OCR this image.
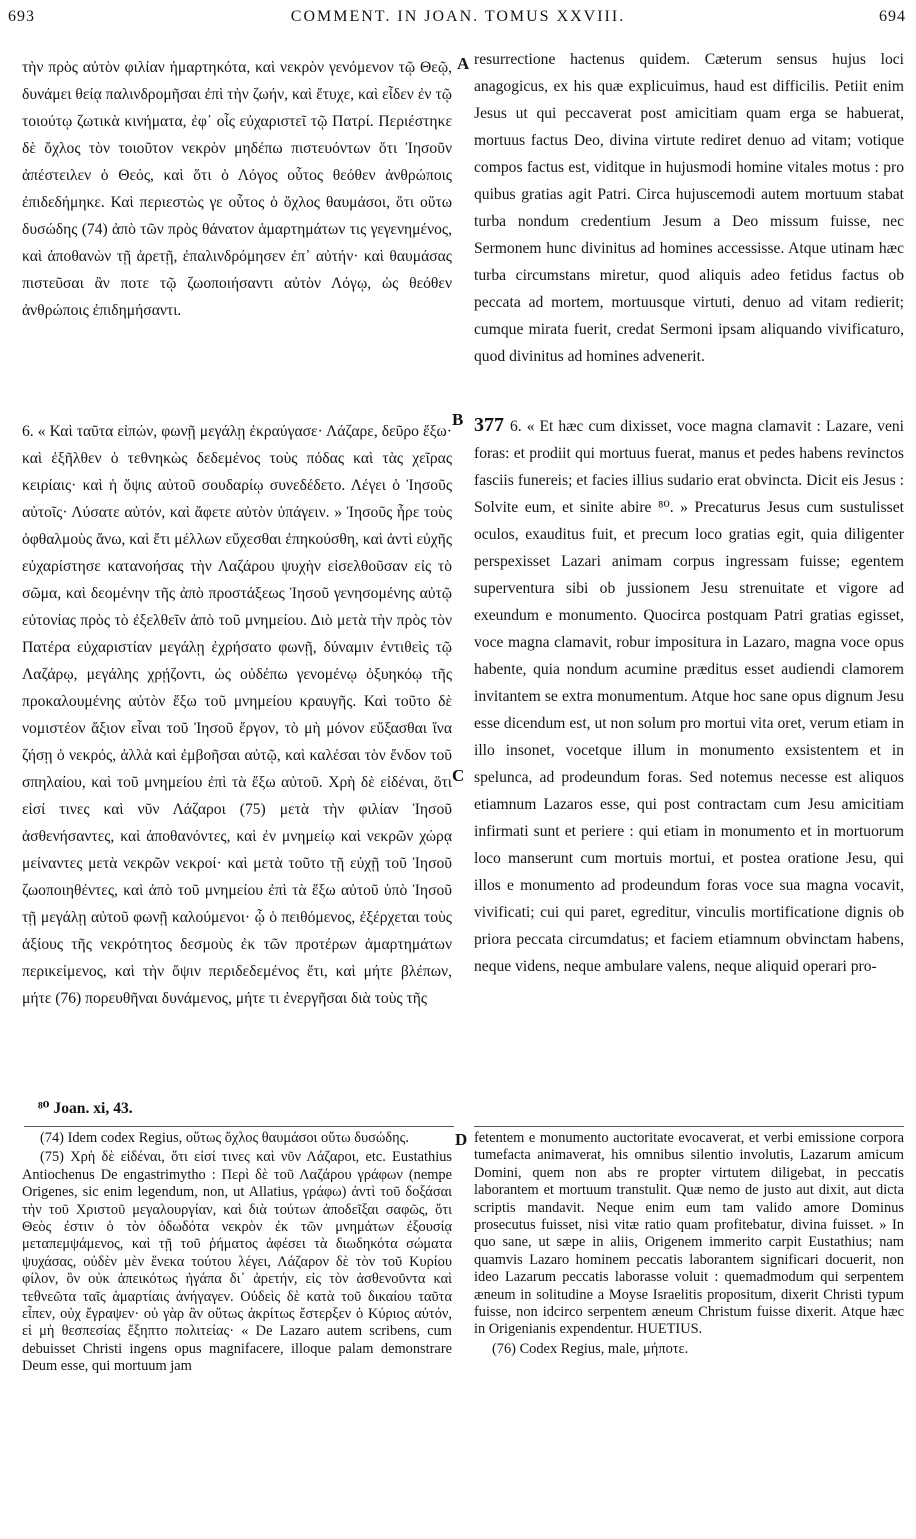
693	COMMENT. IN JOAN. TOMUS XXVIII.	694
A
B
C
D

τὴν πρὸς αὐτὸν φιλίαν ἡμαρτηκότα, καὶ νεκρὸν γενόμενον τῷ Θεῷ, δυνάμει θείᾳ παλινδρομῆσαι ἐπὶ τὴν ζωήν, καὶ ἔτυχε, καὶ εἶδεν ἐν τῷ τοιούτῳ ζωτικὰ κινήματα, ἐφ᾽ οἷς εὐχαριστεῖ τῷ Πατρί. Περιέστηκε δὲ ὄχλος τὸν τοιοῦτον νεκρὸν μηδέπω πιστευόντων ὅτι Ἰησοῦν ἀπέστειλεν ὁ Θεός, καὶ ὅτι ὁ Λόγος οὗτος θεόθεν ἀνθρώποις ἐπιδεδήμηκε. Καὶ περιεστὼς γε οὗτος ὁ ὄχλος θαυμάσοι, ὅτι οὕτω δυσώδης (74) ἀπὸ τῶν πρὸς θάνατον ἁμαρτημάτων τις γεγενημένος, καὶ ἀποθανὼν τῇ ἀρετῇ, ἐπαλινδρόμησεν ἐπ᾽ αὐτήν· καὶ θαυμάσας πιστεῦσαι ἂν ποτε τῷ ζωοποιήσαντι αὐτὸν Λόγῳ, ὡς θεόθεν ἀνθρώποις ἐπιδημήσαντι.

resurrectione hactenus quidem. Cæterum sensus hujus loci anagogicus, ex his quæ explicuimus, haud est difficilis. Petiit enim Jesus ut qui peccaverat post amicitiam quam erga se habuerat, mortuus factus Deo, divina virtute rediret denuo ad vitam; votique compos factus est, viditque in hujusmodi homine vitales motus : pro quibus gratias agit Patri. Circa hujuscemodi autem mortuum stabat turba nondum credentium Jesum a Deo missum fuisse, nec Sermonem hunc divinitus ad homines accessisse. Atque utinam hæc turba circumstans miretur, quod aliquis adeo fetidus factus ob peccata ad mortem, mortuusque virtuti, denuo ad vitam redierit; cumque mirata fuerit, credat Sermoni ipsam aliquando vivificaturo, quod divinitus ad homines advenerit.

6. « Καὶ ταῦτα εἰπών, φωνῇ μεγάλῃ ἐκραύγασε· Λάζαρε, δεῦρο ἔξω· καὶ ἐξῆλθεν ὁ τεθνηκὼς δεδεμένος τοὺς πόδας καὶ τὰς χεῖρας κειρίαις· καὶ ἡ ὄψις αὐτοῦ σουδαρίῳ συνεδέδετο. Λέγει ὁ Ἰησοῦς αὐτοῖς· Λύσατε αὐτόν, καὶ ἄφετε αὐτὸν ὑπάγειν. » Ἰησοῦς ἦρε τοὺς ὀφθαλμοὺς ἄνω, καὶ ἔτι μέλλων εὔχεσθαι ἐπηκούσθη, καὶ ἀντὶ εὐχῆς εὐχαρίστησε κατανοήσας τὴν Λαζάρου ψυχὴν εἰσελθοῦσαν εἰς τὸ σῶμα, καὶ δεομένην τῆς ἀπὸ προστάξεως Ἰησοῦ γενησομένης αὐτῷ εὐτονίας πρὸς τὸ ἐξελθεῖν ἀπὸ τοῦ μνημείου. Διὸ μετὰ τὴν πρὸς τὸν Πατέρα εὐχαριστίαν μεγάλῃ ἐχρήσατο φωνῇ, δύναμιν ἐντιθεὶς τῷ Λαζάρῳ, μεγάλης χρῄζοντι, ὡς οὐδέπω γενομένῳ ὀξυηκόῳ τῆς προκαλουμένης αὐτὸν ἔξω τοῦ μνημείου κραυγῆς. Καὶ τοῦτο δὲ νομιστέον ἄξιον εἶναι τοῦ Ἰησοῦ ἔργον, τὸ μὴ μόνον εὔξασθαι ἵνα ζήσῃ ὁ νεκρός, ἀλλὰ καὶ ἐμβοῆσαι αὐτῷ, καὶ καλέσαι τὸν ἔνδον τοῦ σπηλαίου, καὶ τοῦ μνημείου ἐπὶ τὰ ἔξω αὐτοῦ. Χρὴ δὲ εἰδέναι, ὅτι εἰσί τινες καὶ νῦν Λάζαροι (75) μετὰ τὴν φιλίαν Ἰησοῦ ἀσθενήσαντες, καὶ ἀποθανόντες, καὶ ἐν μνημείῳ καὶ νεκρῶν χώρᾳ μείναντες μετὰ νεκρῶν νεκροί· καὶ μετὰ τοῦτο τῇ εὐχῇ τοῦ Ἰησοῦ ζωοποιηθέντες, καὶ ἀπὸ τοῦ μνημείου ἐπὶ τὰ ἔξω αὐτοῦ ὑπὸ Ἰησοῦ τῇ μεγάλῃ αὐτοῦ φωνῇ καλούμενοι· ᾧ ὁ πειθόμενος, ἐξέρχεται τοὺς ἀξίους τῆς νεκρότητος δεσμοὺς ἐκ τῶν προτέρων ἁμαρτημάτων περικείμενος, καὶ τὴν ὄψιν περιδεδεμένος ἔτι, καὶ μήτε βλέπων, μήτε (76) πορευθῆναι δυνάμενος, μήτε τι ἐνεργῆσαι διὰ τοὺς τῆς

377 6. « Et hæc cum dixisset, voce magna clamavit : Lazare, veni foras: et prodiit qui mortuus fuerat, manus et pedes habens revinctos fasciis funereis; et facies illius sudario erat obvincta. Dicit eis Jesus : Solvite eum, et sinite abire ⁸⁰. » Precaturus Jesus cum sustulisset oculos, exauditus fuit, et precum loco gratias egit, quia diligenter perspexisset Lazari animam corpus ingressam fuisse; egentem superventura sibi ob jussionem Jesu strenuitate et vigore ad exeundum e monumento. Quocirca postquam Patri gratias egisset, voce magna clamavit, robur impositura in Lazaro, magna voce opus habente, quia nondum acumine præditus esset audiendi clamorem invitantem se extra monumentum. Atque hoc sane opus dignum Jesu esse dicendum est, ut non solum pro mortui vita oret, verum etiam in illo insonet, vocetque illum in monumento exsistentem et in spelunca, ad prodeundum foras. Sed notemus necesse est aliquos etiamnum Lazaros esse, qui post contractam cum Jesu amicitiam infirmati sunt et periere : qui etiam in monumento et in mortuorum loco manserunt cum mortuis mortui, et postea oratione Jesu, qui illos e monumento ad prodeundum foras voce sua magna vocavit, vivificati; cui qui paret, egreditur, vinculis mortificatione dignis ob priora peccata circumdatus; et faciem etiamnum obvinctam habens, neque videns, neque ambulare valens, neque aliquid operari pro-

⁸⁰ Joan. xi, 43.

(74) Idem codex Regius, οὕτως ὄχλος θαυμάσοι οὕτω δυσώδης.

(75) Χρὴ δὲ εἰδέναι, ὅτι εἰσί τινες καὶ νῦν Λάζαροι, etc. Eustathius Antiochenus De engastrimytho : Περὶ δὲ τοῦ Λαζάρου γράφων (nempe Origenes, sic enim legendum, non, ut Allatius, γράφω) ἀντὶ τοῦ δοξάσαι τὴν τοῦ Χριστοῦ μεγαλουργίαν, καὶ διὰ τούτων ἀποδεῖξαι σαφῶς, ὅτι Θεὸς ἐστιν ὁ τὸν ὀδωδότα νεκρὸν ἐκ τῶν μνημάτων ἐξουσίᾳ μεταπεμψάμενος, καὶ τῇ τοῦ ῥήματος ἀφέσει τὰ διωδηκότα σώματα ψυχάσας, οὐδὲν μὲν ἕνεκα τούτου λέγει, Λάζαρον δὲ τὸν τοῦ Κυρίου φίλον, ὃν οὐκ ἀπεικότως ἠγάπα δι᾽ ἀρετήν, εἰς τὸν ἀσθενοῦντα καὶ τεθνεῶτα ταῖς ἁμαρτίαις ἀνήγαγεν. Οὐδεὶς δὲ κατὰ τοῦ δικαίου ταῦτα εἶπεν, οὐχ ἔγραψεν· οὐ γὰρ ἂν οὕτως ἀκρίτως ἔστερξεν ὁ Κύριος αὐτόν, εἰ μὴ θεσπεσίας ἔξηπτο πολιτείας· « De Lazaro autem scribens, cum debuisset Christi ingens opus magnifacere, illoque palam demonstrare Deum esse, qui mortuum jam

fetentem e monumento auctoritate evocaverat, et verbi emissione corpora tumefacta animaverat, his omnibus silentio involutis, Lazarum amicum Domini, quem non abs re propter virtutem diligebat, in peccatis laborantem et mortuum transtulit. Quæ nemo de justo aut dixit, aut dicta scriptis mandavit. Neque enim eum tam valido amore Dominus prosecutus fuisset, nisi vitæ ratio quam profitebatur, divina fuisset. » In quo sane, ut sæpe in aliis, Origenem immerito carpit Eustathius; nam quamvis Lazaro hominem peccatis laborantem significari docuerit, non ideo Lazarum peccatis laborasse voluit : quemadmodum qui serpentem æneum in solitudine a Moyse Israelitis propositum, dixerit Christi typum fuisse, non idcirco serpentem æneum Christum fuisse dixerit. Atque hæc in Origenianis expendentur. HUETIUS.

(76) Codex Regius, male, μήποτε.
